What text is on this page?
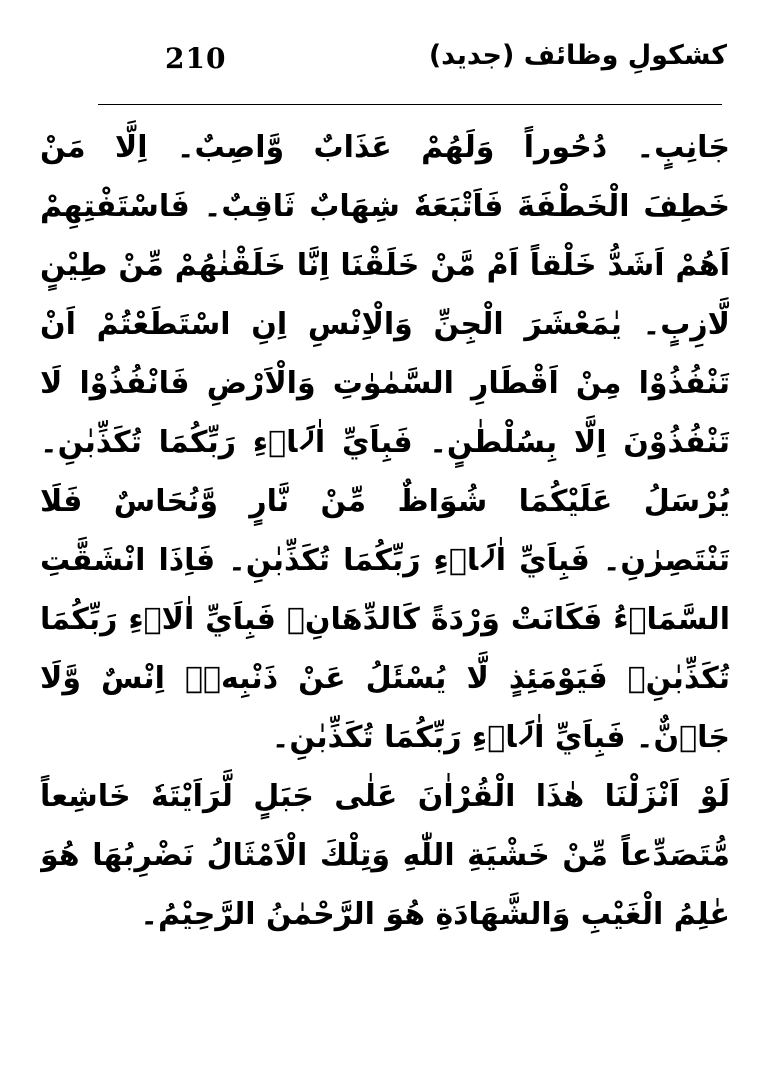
210	کشکولِ وظائف (جدید)
جَانِبٍ۔ دُحُوراً وَلَهُمْ عَذَابٌ وَّاصِبٌ۔ اِلَّا مَنْ
خَطِفَ الْخَطْفَةَ فَاَتْبَعَهٗ شِهَابٌ ثَاقِبٌ۔ فَاسْتَفْتِهِمْ
اَهُمْ اَشَدُّ خَلْقاً اَمْ مَّنْ خَلَقْنَا اِنَّا خَلَقْنٰهُمْ مِّنْ طِيْنٍ
لَّازِبٍ۔ يٰمَعْشَرَ الْجِنِّ وَالْاِنْسِ اِنِ اسْتَطَعْتُمْ اَنْ
تَنْفُذُوْا مِنْ اَقْطَارِ السَّمٰوٰتِ وَالْاَرْضِ فَانْفُذُوْا لَا
تَنْفُذُوْنَ اِلَّا بِسُلْطٰنٍ۔ فَبِاَيِّ اٰلَاۤءِ رَبِّكُمَا تُكَذِّبٰنِ۔
يُرْسَلُ عَلَيْكُمَا شُوَاظٌ مِّنْ نَّارٍ وَّنُحَاسٌ فَلَا
تَنْتَصِرٰنِ۔ فَبِاَيِّ اٰلَاۤءِ رَبِّكُمَا تُكَذِّبٰنِ۔ فَاِذَا انْشَقَّتِ
السَّمَاۤءُ فَكَانَتْ وَرْدَةً كَالدِّهَانِ۔ فَبِاَيِّ اٰلَاۤءِ رَبِّكُمَا
تُكَذِّبٰنِ۔ فَيَوْمَئِذٍ لَّا يُسْئَلُ عَنْ ذَنْبِهٖۤ اِنْسٌ وَّلَا
جَاۤنٌّ۔ فَبِاَيِّ اٰلَاۤءِ رَبِّكُمَا تُكَذِّبٰنِ۔
لَوْ اَنْزَلْنَا هٰذَا الْقُرْاٰنَ عَلٰى جَبَلٍ لَّرَاَيْتَهٗ خَاشِعاً
مُّتَصَدِّعاً مِّنْ خَشْيَةِ اللّٰهِ وَتِلْكَ الْاَمْثَالُ نَضْرِبُهَا هُوَ
عٰلِمُ الْغَيْبِ وَالشَّهَادَةِ هُوَ الرَّحْمٰنُ الرَّحِيْمُ۔
